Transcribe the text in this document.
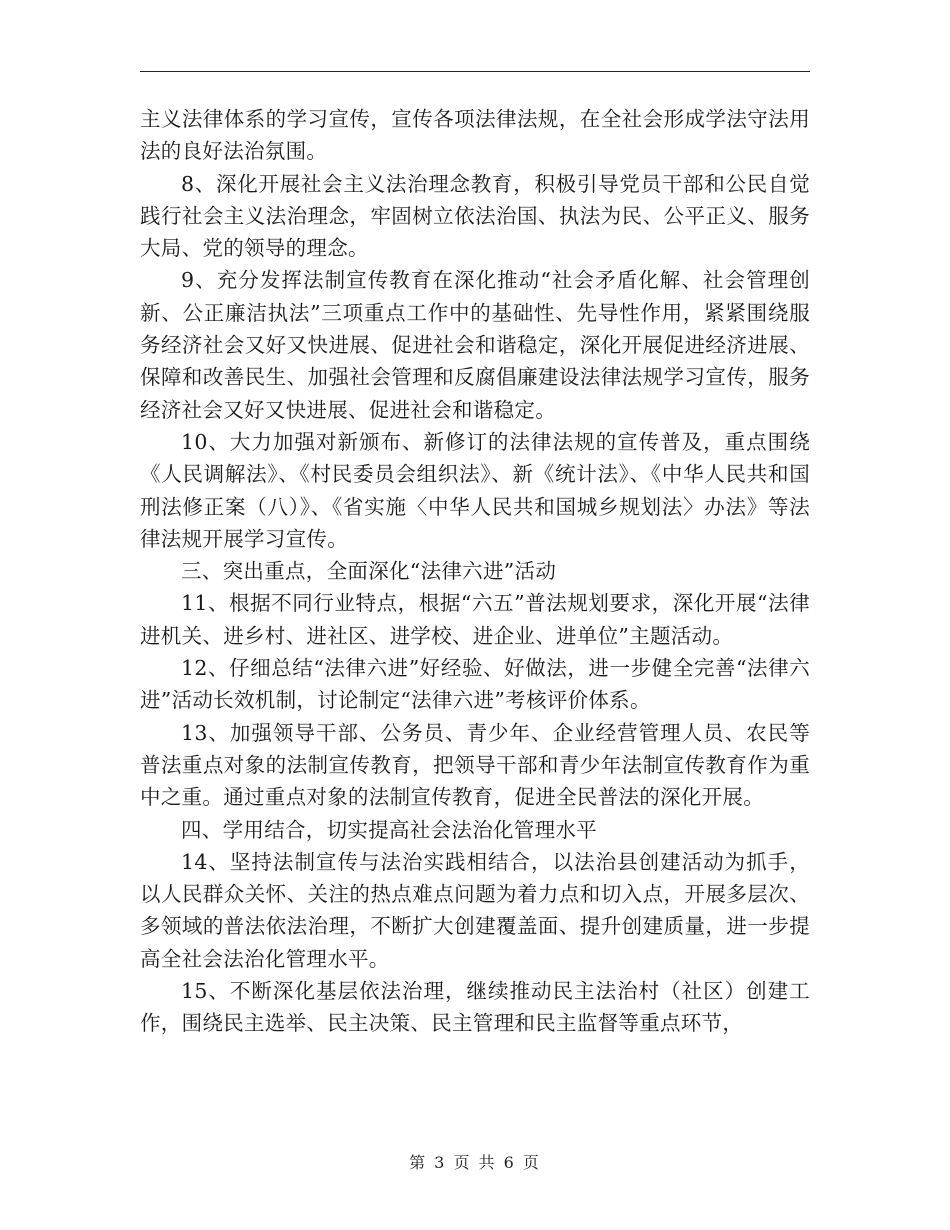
主义法律体系的学习宣传，宣传各项法律法规，在全社会形成学法守法用法的良好法治氛围。

8、深化开展社会主义法治理念教育，积极引导党员干部和公民自觉践行社会主义法治理念，牢固树立依法治国、执法为民、公平正义、服务大局、党的领导的理念。

9、充分发挥法制宣传教育在深化推动“社会矛盾化解、社会管理创新、公正廉洁执法”三项重点工作中的基础性、先导性作用，紧紧围绕服务经济社会又好又快进展、促进社会和谐稳定，深化开展促进经济进展、保障和改善民生、加强社会管理和反腐倡廉建设法律法规学习宣传，服务经济社会又好又快进展、促进社会和谐稳定。

10、大力加强对新颁布、新修订的法律法规的宣传普及，重点围绕《人民调解法》、《村民委员会组织法》、新《统计法》、《中华人民共和国刑法修正案（八）》、《省实施〈中华人民共和国城乡规划法〉办法》等法律法规开展学习宣传。

三、突出重点，全面深化“法律六进”活动

11、根据不同行业特点，根据“六五”普法规划要求，深化开展“法律进机关、进乡村、进社区、进学校、进企业、进单位”主题活动。

12、仔细总结“法律六进”好经验、好做法，进一步健全完善“法律六进”活动长效机制，讨论制定“法律六进”考核评价体系。

13、加强领导干部、公务员、青少年、企业经营管理人员、农民等普法重点对象的法制宣传教育，把领导干部和青少年法制宣传教育作为重中之重。通过重点对象的法制宣传教育，促进全民普法的深化开展。

四、学用结合，切实提高社会法治化管理水平

14、坚持法制宣传与法治实践相结合，以法治县创建活动为抓手，以人民群众关怀、关注的热点难点问题为着力点和切入点，开展多层次、多领域的普法依法治理，不断扩大创建覆盖面、提升创建质量，进一步提高全社会法治化管理水平。

15、不断深化基层依法治理，继续推动民主法治村（社区）创建工作，围绕民主选举、民主决策、民主管理和民主监督等重点环节，

第 3 页 共 6 页
